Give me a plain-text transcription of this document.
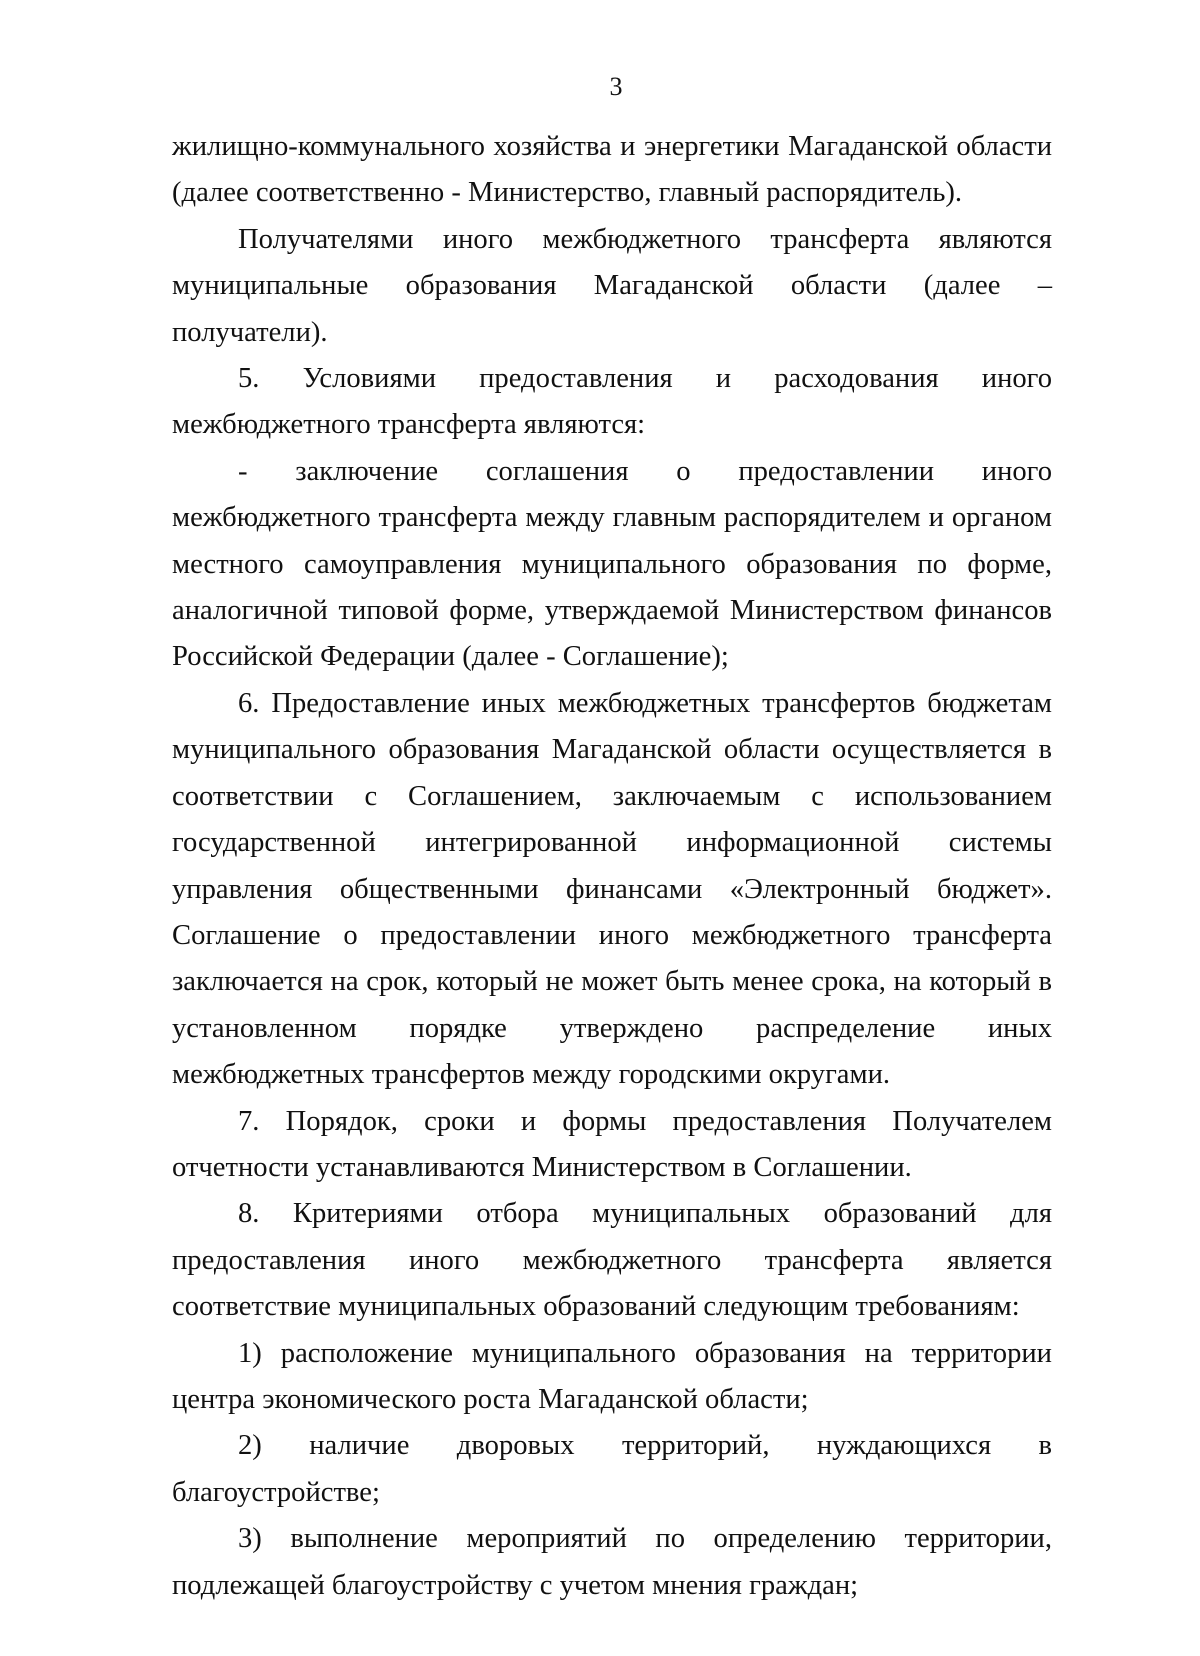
3

жилищно-коммунального хозяйства и энергетики Магаданской области (далее соответственно - Министерство, главный распорядитель).

Получателями иного межбюджетного трансферта являются муниципальные образования Магаданской области (далее – получатели).

5. Условиями предоставления и расходования иного межбюджетного трансферта являются:

- заключение соглашения о предоставлении иного межбюджетного трансферта между главным распорядителем и органом местного самоуправления муниципального образования по форме, аналогичной типовой форме, утверждаемой Министерством финансов Российской Федерации (далее - Соглашение);

6. Предоставление иных межбюджетных трансфертов бюджетам муниципального образования Магаданской области осуществляется в соответствии с Соглашением, заключаемым с использованием государственной интегрированной информационной системы управления общественными финансами «Электронный бюджет». Соглашение о предоставлении иного межбюджетного трансферта заключается на срок, который не может быть менее срока, на который в установленном порядке утверждено распределение иных межбюджетных трансфертов между городскими округами.

7. Порядок, сроки и формы предоставления Получателем отчетности устанавливаются Министерством в Соглашении.

8. Критериями отбора муниципальных образований для предоставления иного межбюджетного трансферта является соответствие муниципальных образований следующим требованиям:

1) расположение муниципального образования на территории центра экономического роста Магаданской области;

2) наличие дворовых территорий, нуждающихся в благоустройстве;

3) выполнение мероприятий по определению территории, подлежащей благоустройству с учетом мнения граждан;
